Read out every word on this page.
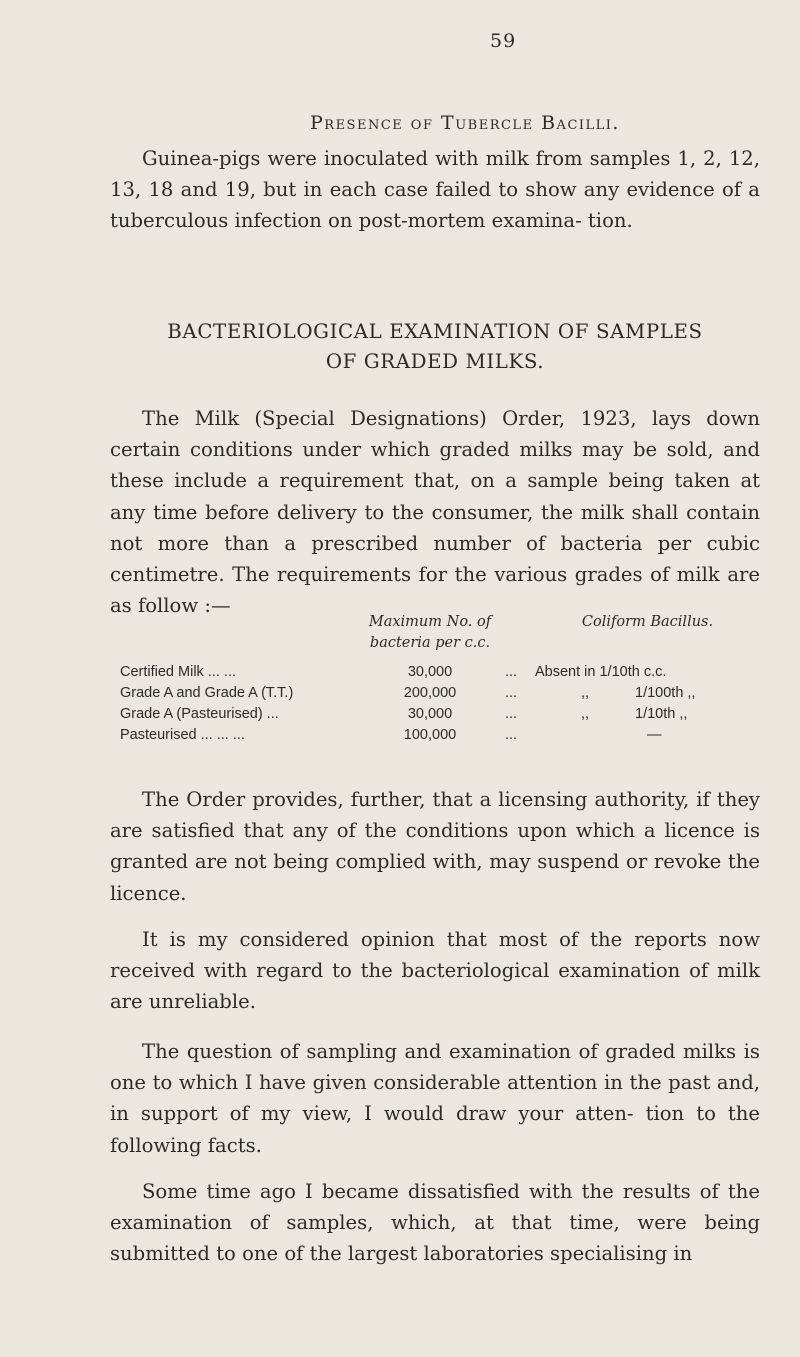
59
Presence of Tubercle Bacilli.

Guinea-pigs were inoculated with milk from samples 1, 2, 12, 13, 18 and 19, but in each case failed to show any evidence of a tuberculous infection on post-mortem examina- tion.

BACTERIOLOGICAL EXAMINATION OF SAMPLES

OF GRADED MILKS.

The Milk (Special Designations) Order, 1923, lays down certain conditions under which graded milks may be sold, and these include a requirement that, on a sample being taken at any time before delivery to the consumer, the milk shall contain not more than a prescribed number of bacteria per cubic centimetre. The requirements for the various grades of milk are as follow :—

	Maximum No. of bacteria per c.c.		Coliform Bacillus.

Certified Milk ... ...	30,000	...	Absent in 1/10th c.c.
Grade A and Grade A (T.T.)	200,000	...	,, 1/100th ,,
Grade A (Pasteurised) ...	30,000	...	,, 1/10th ,,
Pasteurised ... ... ...	100,000	...	—

The Order provides, further, that a licensing authority, if they are satisfied that any of the conditions upon which a licence is granted are not being complied with, may suspend or revoke the licence.

It is my considered opinion that most of the reports now received with regard to the bacteriological examination of milk are unreliable.

The question of sampling and examination of graded milks is one to which I have given considerable attention in the past and, in support of my view, I would draw your atten- tion to the following facts.

Some time ago I became dissatisfied with the results of the examination of samples, which, at that time, were being submitted to one of the largest laboratories specialising in
